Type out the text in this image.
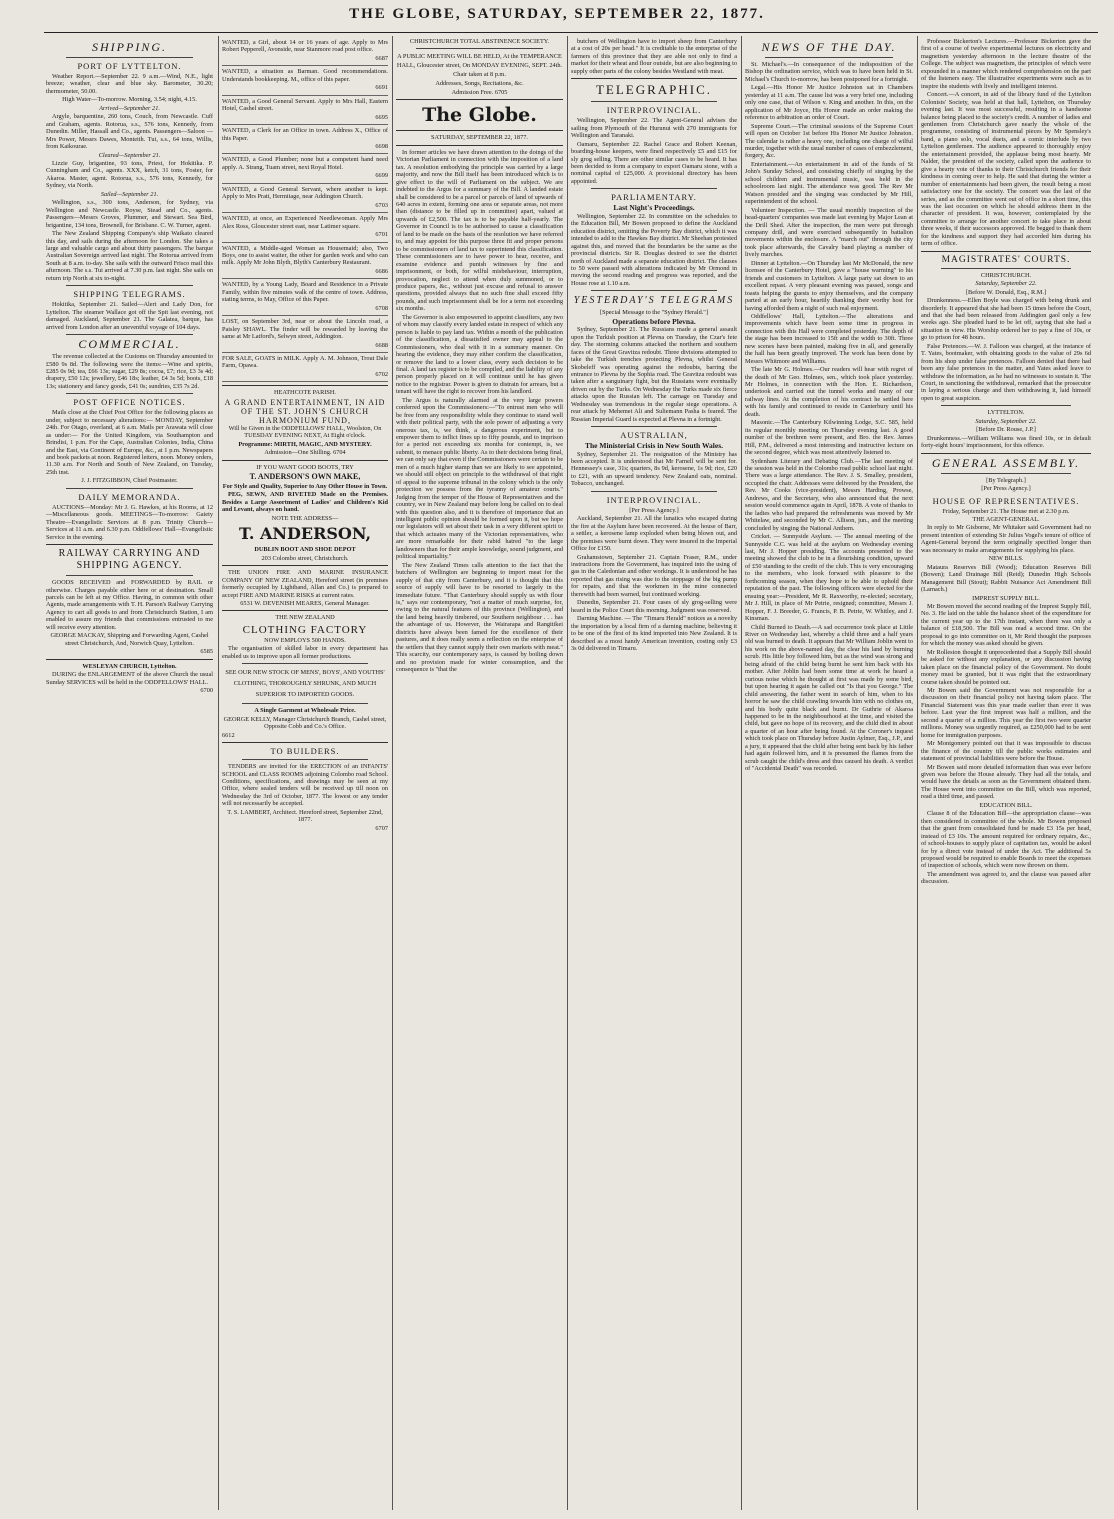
THE GLOBE, SATURDAY, SEPTEMBER 22, 1877.
SHIPPING.
PORT OF LYTTELTON.

Weather Report.—September 22. 9 a.m.—Wind, N.E., light breeze; weather, clear and blue sky. Barometer, 30.20; thermometer, 50.00.

High Water—To-morrow. Morning, 3.54; night, 4.15.

Arrived—September 21.

Argyle, barquentine, 260 tons, Couch, from Newcastle. Cuff and Graham, agents. Rotorua, s.s., 576 tons, Kennedy, from Dunedin. Miller, Hassall and Co., agents. Passengers—Saloon —Mrs Power, Messrs Dawes, Monteith. Tui, s.s., 64 tons, Willis, from Kaikourae.

Cleared—September 21.

Lizzie Guy, brigantine, 93 tons, Priest, for Hokitika. P. Cunningham and Co., agents. XXX, ketch, 31 tons, Foster, for Akaroa. Master, agent. Rotorua, s.s., 576 tons, Kennedy, for Sydney, via North.

Sailed—September 21.

Wellington, s.s., 300 tons, Anderson, for Sydney, via Wellington and Newcastle. Royse, Stead and Co., agents. Passengers—Messrs Groves, Plummer, and Stewart. Sea Bird, brigantine, 134 tons, Brownell, for Brisbane. C. W. Turner, agent.

The New Zealand Shipping Company's ship Waikato cleared this day, and sails during the afternoon for London. She takes a large and valuable cargo and about thirty passengers. The barque Australian Sovereign arrived last night. The Rotorua arrived from South at 8 a.m. to-day. She sails with the outward Frisco mail this afternoon. The s.s. Tui arrived at 7.30 p.m. last night. She sails on return trip North at six to-night.

SHIPPING TELEGRAMS.

Hokitika, September 21. Sailed—Alert and Lady Don, for Lyttelton. The steamer Wallace got off the Spit last evening, not damaged. Auckland, September 21. The Galatea, barque, has arrived from London after an uneventful voyage of 104 days.

COMMERCIAL.

The revenue collected at the Customs on Thursday amounted to £580 9s 8d. The following were the items:—Wine and spirits, £285 0s 9d; tea, £66 13s; sugar, £29 8s; cocoa, £7; rice, £3 3s 4d; drapery, £50 12s; jewellery, £46 18s; leather, £4 3s 5d; boots, £18 13s; stationery and fancy goods, £41 0s; sundries, £35 7s 2d.

POST OFFICE NOTICES.

Mails close at the Chief Post Office for the following places as under, subject to necessary alterations:— MONDAY, September 24th. For Otago, overland, at 6 a.m. Mails per Arawata will close as under:— For the United Kingdom, via Southampton and Brindisi, 1 p.m. For the Cape, Australian Colonies, India, China and the East, via Continent of Europe, &c., at 1 p.m. Newspapers and book packets at noon. Registered letters, noon. Money orders, 11.30 a.m. For North and South of New Zealand, on Tuesday, 25th inst.

J. J. FITZGIBBON, Chief Postmaster.

DAILY MEMORANDA.

AUCTIONS—Monday: Mr J. G. Hawkes, at his Rooms, at 12—Miscellaneous goods. MEETINGS—To-morrow: Gaiety Theatre—Evangelistic Services at 8 p.m. Trinity Church—Services at 11 a.m. and 6.30 p.m. Oddfellows' Hall—Evangelistic Service in the evening.

RAILWAY CARRYING AND SHIPPING AGENCY.

GOODS RECEIVED and FORWARDED by RAIL or otherwise. Charges payable either here or at destination. Small parcels can be left at my Office. Having, in common with other Agents, made arrangements with T. H. Parson's Railway Carrying Agency to cart all goods to and from Christchurch Station, I am enabled to assure my friends that commissions entrusted to me will receive every attention.

GEORGE MACKAY, Shipping and Forwarding Agent, Cashel street Christchurch, And, Norwich Quay, Lyttelton.

6585

WESLEYAN CHURCH, Lyttelton.

DURING the ENLARGEMENT of the above Church the usual Sunday SERVICES will be held in the ODDFELLOWS' HALL.

6700

WANTED, a Girl, about 14 or 16 years of age. Apply to Mrs Robert Pepperell, Avonside, near Stanmore road post office.

6687

WANTED, a situation as Barman. Good recommendations. Understands bookkeeping. M., office of this paper.

6691

WANTED, a Good General Servant. Apply to Mrs Hall, Eastern Hotel, Cashel street.

6695

WANTED, a Clerk for an Office in town. Address X., Office of this Paper.

6698

WANTED, a Good Plumber; none but a competent hand need apply. A. Strang, Tuam street, next Royal Hotel.

6699

WANTED, a Good General Servant, where another is kept. Apply to Mrs Pratt, Hermitage, near Addington Church.

6703

WANTED, at once, an Experienced Needlewoman. Apply Mrs Alex Ross, Gloucester street east, near Latimer square.

6701

WANTED, a Middle-aged Woman as Housemaid; also, Two Boys, one to assist waiter, the other for garden work and who can milk. Apply Mr John Blyth, Blyth's Canterbury Restaurant.

6686

WANTED, by a Young Lady, Board and Residence in a Private Family, within five minutes walk of the centre of town. Address, stating terms, to May, Office of this Paper.

6708

LOST, on September 3rd, near or about the Lincoln road, a Paisley SHAWL. The finder will be rewarded by leaving the same at Mr Latford's, Selwyn street, Addington.

6688

FOR SALE, GOATS in MILK. Apply A. M. Johnson, Trout Dale Farm, Opawa.

6702

HEATHCOTE PARISH.

A GRAND ENTERTAINMENT, IN AID OF THE ST. JOHN'S CHURCH HARMONIUM FUND,

Will be Given in the ODDFELLOWS' HALL, Woolston, On TUESDAY EVENING NEXT, At Eight o'clock.

Programme: MIRTH, MAGIC, AND MYSTERY.

Admission—One Shilling. 6704

IF YOU WANT GOOD BOOTS, TRY

T. ANDERSON'S OWN MAKE,

For Style and Quality, Superior to Any Other House in Town.

PEG, SEWN, AND RIVETED Made on the Premises. Besides a Large Assortment of Ladies' and Children's Kid and Levant, always on hand.

NOTE THE ADDRESS—

T. ANDERSON,

DUBLIN BOOT AND SHOE DEPOT

203 Colombo street, Christchurch.

THE UNION FIRE AND MARINE INSURANCE COMPANY OF NEW ZEALAND, Hereford street (in premises formerly occupied by Lightband, Allan and Co.) is prepared to accept FIRE AND MARINE RISKS at current rates.

6531 W. DEVENISH MEARES, General Manager.

THE NEW ZEALAND

CLOTHING FACTORY

NOW EMPLOYS 500 HANDS.

The organisation of skilled labor in every department has enabled us to improve upon all former productions.

SEE OUR NEW STOCK OF MENS', BOYS', AND YOUTHS' CLOTHING, THOROUGHLY SHRUNK, AND MUCH SUPERIOR TO IMPORTED GOODS.

A Single Garment at Wholesale Price.

GEORGE KELLY, Manager Christchurch Branch, Cashel street, Opposite Cobb and Co.'s Office.

6612

TO BUILDERS.

TENDERS are invited for the ERECTION of an INFANTS' SCHOOL and CLASS ROOMS adjoining Colombo road School. Conditions, specifications, and drawings may be seen at my Office, where sealed tenders will be received up till noon on Wednesday the 3rd of October, 1877. The lowest or any tender will not necessarily be accepted.

T. S. LAMBERT, Architect. Hereford street, September 22nd, 1877.

6707

CHRISTCHURCH TOTAL ABSTINENCE SOCIETY.

A PUBLIC MEETING WILL BE HELD, At the TEMPERANCE HALL, Gloucester street, On MONDAY EVENING, SEPT. 24th. Chair taken at 8 p.m.

Addresses, Songs, Recitations, &c.

Admission Free. 6705

The Globe.

SATURDAY, SEPTEMBER 22, 1877.

In former articles we have drawn attention to the doings of the Victorian Parliament in connection with the imposition of a land tax. A resolution embodying the principle was carried by a large majority, and now the Bill itself has been introduced which is to give effect to the will of Parliament on the subject. We are indebted to the Argus for a summary of the Bill. A landed estate shall be considered to be a parcel or parcels of land of upwards of 640 acres in extent, forming one area or separate areas, not more than (distance to be filled up in committee) apart, valued at upwards of £2,500. The tax is to be payable half-yearly. The Governor in Council is to be authorised to cause a classification of land to be made on the basis of the resolution we have referred to, and may appoint for this purpose three fit and proper persons to be commissioners of land tax to superintend this classification. These commissioners are to have power to hear, receive, and examine evidence and punish witnesses by fine and imprisonment, or both, for wilful misbehaviour, interruption, provocation, neglect to attend when duly summoned, or to produce papers, &c., without just excuse and refusal to answer questions, provided always that no such fine shall exceed fifty pounds, and such imprisonment shall be for a term not exceeding six months.

The Governor is also empowered to appoint classifiers, any two of whom may classify every landed estate in respect of which any person is liable to pay land tax. Within a month of the publication of the classification, a dissatisfied owner may appeal to the Commissioners, who deal with it in a summary manner. On hearing the evidence, they may either confirm the classification, or remove the land to a lower class, every such decision to be final. A land tax register is to be compiled, and the liability of any person properly placed on it will continue until he has given notice to the registrar. Power is given to distrain for arrears, but a tenant will have the right to recover from his landlord.

The Argus is naturally alarmed at the very large powers conferred upon the Commissioners:—"To entrust men who will be free from any responsibility while they continue to stand well with their political party, with the sole power of adjusting a very onerous tax, is, we think, a dangerous experiment, but to empower them to inflict fines up to fifty pounds, and to imprison for a period not exceeding six months for contempt, is, we submit, to menace public liberty. As to their decisions being final, we can only say that even if the Commissioners were certain to be men of a much higher stamp than we are likely to see appointed, we should still object on principle to the withdrawal of that right of appeal to the supreme tribunal in the colony which is the only protection we possess from the tyranny of amateur courts." Judging from the temper of the House of Representatives and the country, we in New Zealand may before long be called on to deal with this question also, and it is therefore of importance that an intelligent public opinion should be formed upon it, but we hope our legislators will set about their task in a very different spirit to that which actuates many of the Victorian representatives, who are more remarkable for their rabid hatred "to the large landowners than for their ample knowledge, sound judgment, and political impartiality."

The New Zealand Times calls attention to the fact that the butchers of Wellington are beginning to import meat for the supply of that city from Canterbury, and it is thought that this source of supply will have to be resorted to largely in the immediate future. "That Canterbury should supply us with flour is," says our contemporary, "not a matter of much surprise, for, owing to the natural features of this province (Wellington), and the land being heavily timbered, our Southern neighbour . . . has the advantage of us. However, the Wairarapa and Rangitikei districts have always been famed for the excellence of their pastures, and it does really seem a reflection on the enterprise of the settlers that they cannot supply their own markets with meat." This scarcity, our contemporary says, is caused by boiling down and no provision made for winter consumption, and the consequence is "that the

butchers of Wellington have to import sheep from Canterbury at a cost of 20s per head." It is creditable to the enterprise of the farmers of this province that they are able not only to find a market for their wheat and flour outside, but are also beginning to supply other parts of the colony besides Westland with meat.

TELEGRAPHIC.
INTERPROVINCIAL.

Wellington, September 22. The Agent-General advises the sailing from Plymouth of the Hurunui with 270 immigrants for Wellington and Taranaki.

Oamaru, September 22. Rachel Grace and Robert Keenan, boarding-house keepers, were fined respectively £5 and £15 for sly grog selling. There are other similar cases to be heard. It has been decided to form a company to export Oamaru stone, with a nominal capital of £25,000. A provisional directory has been appointed.

PARLIAMENTARY.

Last Night's Proceedings.

Wellington, September 22. In committee on the schedules to the Education Bill, Mr Bowen proposed to define the Auckland education district, omitting the Poverty Bay district, which it was intended to add to the Hawkes Bay district. Mr Sheehan protested against this, and moved that the boundaries be the same as the provincial districts. Sir R. Douglas desired to see the district north of Auckland made a separate education district. The clauses to 50 were passed with alterations indicated by Mr Ormond in moving the second reading and progress was reported, and the House rose at 1.10 a.m.

YESTERDAY'S TELEGRAMS

[Special Message to the "Sydney Herald."]

Operations before Plevna.

Sydney, September 21. The Russians made a general assault upon the Turkish position at Plevna on Tuesday, the Czar's fete day. The storming columns attacked the northern and southern faces of the Great Gravitza redoubt. Three divisions attempted to take the Turkish trenches protecting Plevna, whilst General Skobeleff was operating against the redoubts, barring the entrance to Plevna by the Sophia road. The Gravitza redoubt was taken after a sanguinary fight, but the Russians were eventually driven out by the Turks. On Wednesday the Turks made six fierce attacks upon the Russian left. The carnage on Tuesday and Wednesday was tremendous in the regular siege operations. A rear attack by Mehemet Ali and Suliemann Pasha is feared. The Russian Imperial Guard is expected at Plevna in a fortnight.

AUSTRALIAN,

The Ministerial Crisis in New South Wales.

Sydney, September 21. The resignation of the Ministry has been accepted. It is understood that Mr Farnell will be sent for. Hennessey's case, 31s; quarters, 8s 9d, kerosene, 1s 9d; rice, £20 to £21, with an upward tendency. New Zealand oats, nominal. Tobacco, unchanged.

INTERPROVINCIAL.

[Per Press Agency.]

Auckland, September 21. All the lunatics who escaped during the fire at the Asylum have been recovered. At the house of Barr, a settler, a kerosene lamp exploded when being blown out, and the premises were burnt down. They were insured in the Imperial Office for £150.

Grahamstown, September 21. Captain Fraser, R.M., under instructions from the Government, has inquired into the using of gas in the Caledonian and other workings. It is understood he has reported that gas rising was due to the stoppage of the big pump for repairs, and that the workmen in the mine connected therewith had been warned, but continued working.

Dunedin, September 21. Four cases of sly grog-selling were heard in the Police Court this morning. Judgment was reserved.

Darning Machine. — The "Timaru Herald" notices as a novelty the importation by a local firm of a darning machine, believing it to be one of the first of its kind imported into New Zealand. It is described as a most handy American invention, costing only £3 3s 0d delivered in Timaru.

NEWS OF THE DAY.

St. Michael's.—In consequence of the indisposition of the Bishop the ordination service, which was to have been held in St. Michael's Church to-morrow, has been postponed for a fortnight.

Legal.—His Honor Mr Justice Johnston sat in Chambers yesterday at 11 a.m. The cause list was a very brief one, including only one case, that of Wilson v. King and another. In this, on the application of Mr Joyce, His Honor made an order making the reference to arbitration an order of Court.

Supreme Court.—The criminal sessions of the Supreme Court will open on October 1st before His Honor Mr Justice Johnston. The calendar is rather a heavy one, including one charge of wilful murder, together with the usual number of cases of embezzlement, forgery, &c.

Entertainment.—An entertainment in aid of the funds of St John's Sunday School, and consisting chiefly of singing by the school children and instrumental music, was held in the schoolroom last night. The attendance was good. The Rev Mr Watson presided and the singing was conducted by Mr Hill, superintendent of the school.

Volunteer Inspection. — The usual monthly inspection of the head-quarters' companies was made last evening by Major Lean at the Drill Shed. After the inspection, the men were put through company drill, and were exercised subsequently in battalion movements within the enclosure. A "march out" through the city took place afterwards, the Cavalry band playing a number of lively marches.

Dinner at Lyttelton.—On Thursday last Mr McDonald, the new licensee of the Canterbury Hotel, gave a "house warming" to his friends and customers in Lyttelton. A large party sat down to an excellent repast. A very pleasant evening was passed, songs and toasts helping the guests to enjoy themselves, and the company parted at an early hour, heartily thanking their worthy host for having afforded them a night of such real enjoyment.

Oddfellows' Hall, Lyttelton.—The alterations and improvements which have been some time in progress in connection with this Hall were completed yesterday. The depth of the stage has been increased to 15ft and the width to 30ft. Three new scenes have been painted, making five in all, and generally the hall has been greatly improved. The work has been done by Messrs Whitmore and Williams.

The late Mr G. Holmes.—Our readers will hear with regret of the death of Mr Geo. Holmes, sen., which took place yesterday. Mr Holmes, in connection with the Hon. E. Richardson, undertook and carried out the tunnel works and many of our railway lines. At the completion of his contract he settled here with his family and continued to reside in Canterbury until his death.

Masonic.—The Canterbury Kilwinning Lodge, S.C. 585, held its regular monthly meeting on Thursday evening last. A good number of the brethren were present, and Bro. the Rev. James Hill, P.M., delivered a most interesting and instructive lecture on the second degree, which was most attentively listened to.

Sydenham Literary and Debating Club.—The last meeting of the session was held in the Colombo road public school last night. There was a large attendance. The Rev. J. S. Smalley, president, occupied the chair. Addresses were delivered by the President, the Rev. Mr Cooks (vice-president), Messrs Harding, Prowse, Andrews, and the Secretary, who also announced that the next session would commence again in April, 1878. A vote of thanks to the ladies who had prepared the refreshments was moved by Mr Whitelaw, and seconded by Mr C. Allison, jun., and the meeting concluded by singing the National Anthem.

Cricket. — Sunnyside Asylum. — The annual meeting of the Sunnyside C.C. was held at the asylum on Wednesday evening last, Mr J. Hopper presiding. The accounts presented to the meeting showed the club to be in a flourishing condition, upward of £50 standing to the credit of the club. This is very encouraging to the members, who look forward with pleasure to the forthcoming season, when they hope to be able to uphold their reputation of the past. The following officers were elected for the ensuing year:—President, Mr R. Raxworthy, re-elected; secretary, Mr J. Hill, in place of Mr Petrie, resigned; committee, Messrs J. Hopper, F. J. Breeder, G. Francis, P. B. Petrie, W. Whitley, and J. Kinsman.

Child Burned to Death.—A sad occurrence took place at Little River on Wednesday last, whereby a child three and a half years old was burned to death. It appears that Mr William Joblin went to his work on the above-named day, the clear his land by burning scrub. His little boy followed him, but as the wind was strong and being afraid of the child being burnt he sent him back with his mother. After Joblin had been some time at work he heard a curious noise which he thought at first was made by some bird, but upon hearing it again he called out "Is that you George." The child answering, the father went in search of him, when to his horror he saw the child crawling towards him with no clothes on, and his body quite black and burnt. Dr Guthrie of Akaroa happened to be in the neighbourhood at the time, and visited the child, but gave no hope of its recovery, and the child died in about a quarter of an hour after being found. At the Coroner's inquest which took place on Thursday before Justin Aylmer, Esq., J.P., and a jury, it appeared that the child after being sent back by his father had again followed him, and it is presumed the flames from the scrub caught the child's dress and thus caused his death. A verdict of "Accidental Death" was recorded.

Professor Bickerton's Lectures.—Professor Bickerton gave the first of a course of twelve experimental lectures on electricity and magnetism yesterday afternoon in the lecture theatre of the College. The subject was magnetism, the principles of which were expounded in a manner which rendered comprehension on the part of the listeners easy. The illustrative experiments were such as to inspire the students with lively and intelligent interest.

Concert.—A concert, in aid of the library fund of the Lyttelton Colonists' Society, was held at that hall, Lyttelton, on Thursday evening last. It was most successful, resulting in a handsome balance being placed to the society's credit. A number of ladies and gentlemen from Christchurch gave nearly the whole of the programme, consisting of instrumental pieces by Mr Spensley's band, a piano solo, vocal duets, and a comic interlude by two Lyttelton gentlemen. The audience appeared to thoroughly enjoy the entertainment provided, the applause being most hearty. Mr Nalder, the president of the society, called upon the audience to give a hearty vote of thanks to their Christchurch friends for their kindness in coming over to help. He said that during the winter a number of entertainments had been given, the result being a most satisfactory one for the society. The concert was the last of the series, and as the committee went out of office in a short time, this was the last occasion on which he should address them in the character of president. It was, however, contemplated by the committee to arrange for another concert to take place in about three weeks, if their successors approved. He begged to thank them for the kindness and support they had accorded him during his term of office.

MAGISTRATES' COURTS.

CHRISTCHURCH.

Saturday, September 22.

[Before W. Donald, Esq., R.M.]

Drunkenness.—Ellen Boyle was charged with being drunk and disorderly. It appeared that she had been 15 times before the Court, and that she had been released from Addington gaol only a few weeks ago. She pleaded hard to be let off, saying that she had a situation in view. His Worship ordered her to pay a fine of 10s, or go to prison for 48 hours.

False Pretences.—W. J. Falloon was charged, at the instance of T. Yates, bootmaker, with obtaining goods to the value of 29s 6d from his shop under false pretences. Falloon denied that there had been any false pretences in the matter, and Yates asked leave to withdraw the information, as he had no witnesses to sustain it. The Court, in sanctioning the withdrawal, remarked that the prosecutor in laying a serious charge and then withdrawing it, laid himself open to great suspicion.

LYTTELTON.

Saturday, September 22.

[Before Dr. Rouse, J.P.]

Drunkenness.—William Williams was fined 10s, or in default forty-eight hours' imprisonment, for this offence.

GENERAL ASSEMBLY.

[By Telegraph.]

[Per Press Agency.]

HOUSE OF REPRESENTATIVES.

Friday, September 21. The House met at 2.30 p.m.

THE AGENT-GENERAL.

In reply to Mr Gisborne, Mr Whitaker said Government had no present intention of extending Sir Julius Vogel's tenure of office of Agent-General beyond the term originally specified longer than was necessary to make arrangements for supplying his place.

NEW BILLS.

Mataura Reserves Bill (Wood); Education Reserves Bill (Bowen); Land Drainage Bill (Reid); Dunedin High Schools Management Bill (Stout); Rabbit Nuisance Act Amendment Bill (Larnach.)

IMPREST SUPPLY BILL.

Mr Bowen moved the second reading of the Imprest Supply Bill, No. 3. He laid on the table the balance sheet of the expenditure for the current year up to the 17th instant, when there was only a balance of £18,500. The Bill was read a second time. On the proposal to go into committee on it, Mr Reid thought the purposes for which the money was asked should be given.

Mr Rolleston thought it unprecedented that a Supply Bill should be asked for without any explanation, or any discussion having taken place on the financial policy of the Government. No doubt money must be granted, but it was right that the extraordinary course taken should be pointed out.

Mr Bowen said the Government was not responsible for a discussion on their financial policy not having taken place. The Financial Statement was this year made earlier than ever it was before. Last year the first imprest was half a million, and the second a quarter of a million. This year the first two were quarter millions. Money was urgently required, as £250,000 had to be sent home for immigration purposes.

Mr Montgomery pointed out that it was impossible to discuss the finance of the country till the public works estimates and statement of provincial liabilities were before the House.

Mr Bowen said more detailed information than was ever before given was before the House already. They had all the totals, and would have the details as soon as the Government obtained them. The House went into committee on the Bill, which was reported, read a third time, and passed.

EDUCATION BILL.

Clause 8 of the Education Bill—the appropriation clause—was then considered in committee of the whole. Mr Bowen proposed that the grant from consolidated fund be made £3 15s per head, instead of £3 10s. The amount required for ordinary repairs, &c., of school-houses to supply place of capitation tax, would be asked for by a direct vote instead of under the Act. The additional 5s proposed would be required to enable Boards to meet the expenses of inspection of schools, which were now thrown on them.

The amendment was agreed to, and the clause was passed after discussion.
